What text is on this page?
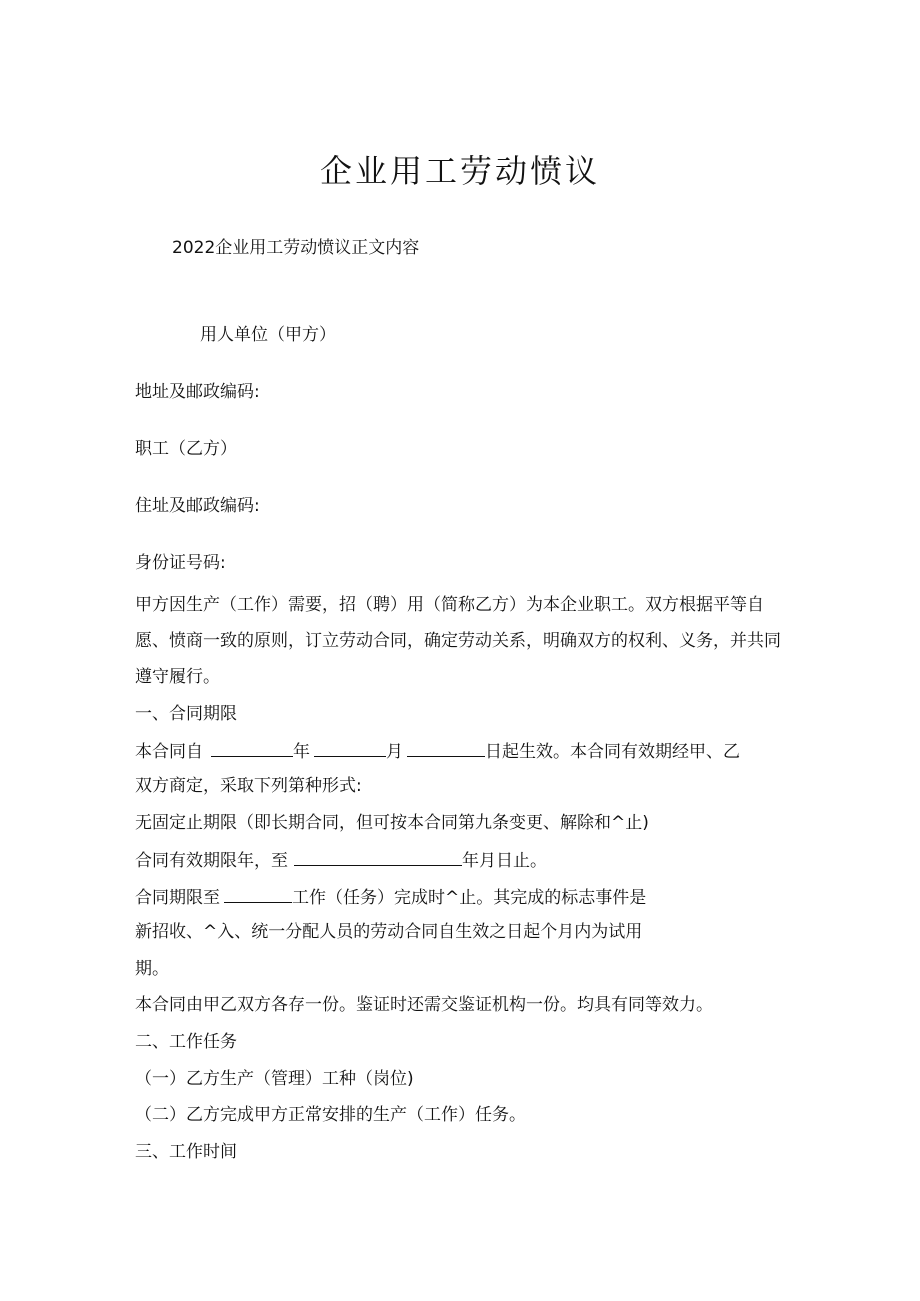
企业用工劳动愤议
2022企业用工劳动愤议正文内容
用人单位（甲方）
地址及邮政编码:
职工（乙方）
住址及邮政编码:
身份证号码:
甲方因生产（工作）需要，招（聘）用（简称乙方）为本企业职工。双方根据平等自
愿、愤商一致的原则，订立劳动合同，确定劳动关系，明确双方的权利、义务，并共同
遵守履行。
一、合同期限
本合同自	年	月	日起生效。本合同有效期经甲、乙
双方商定，采取下列第种形式:
无固定止期限（即长期合同，但可按本合同第九条变更、解除和^止)
合同有效期限年，至	年月日止。
合同期限至	工作（任务）完成时^止。其完成的标志事件是
新招收、^入、统一分配人员的劳动合同自生效之日起个月内为试用
期。
本合同由甲乙双方各存一份。鉴证时还需交鉴证机构一份。均具有同等效力。
二、工作任务
（一）乙方生产（管理）工种（岗位)
（二）乙方完成甲方正常安排的生产（工作）任务。
三、工作时间
